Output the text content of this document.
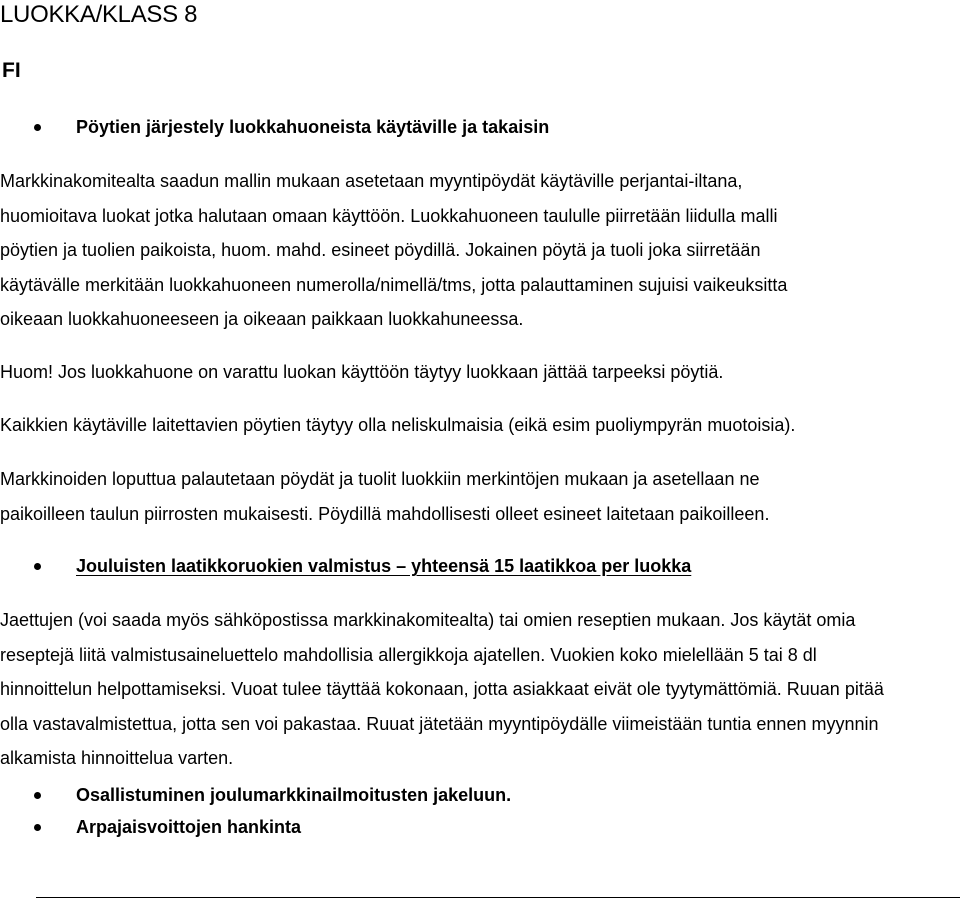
LUOKKA/KLASS 8
FI
Pöytien järjestely luokkahuoneista käytäville ja takaisin
Markkinakomitealta saadun mallin mukaan asetetaan myyntipöydät käytäville perjantai-iltana,
huomioitava luokat jotka halutaan omaan käyttöön. Luokkahuoneen taululle piirretään liidulla malli
pöytien ja tuolien paikoista, huom. mahd. esineet pöydillä. Jokainen pöytä ja tuoli joka siirretään
käytävälle merkitään luokkahuoneen numerolla/nimellä/tms, jotta palauttaminen sujuisi vaikeuksitta
oikeaan luokkahuoneeseen ja oikeaan paikkaan luokkahuneessa.
Huom! Jos luokkahuone on varattu luokan käyttöön täytyy luokkaan jättää tarpeeksi pöytiä.
Kaikkien käytäville laitettavien pöytien täytyy olla neliskulmaisia (eikä esim puoliympyrän muotoisia).
Markkinoiden loputtua palautetaan pöydät ja tuolit luokkiin merkintöjen mukaan ja asetellaan ne
paikoilleen taulun piirrosten mukaisesti. Pöydillä mahdollisesti olleet esineet laitetaan paikoilleen.
Jouluisten laatikkoruokien valmistus – yhteensä 15 laatikkoa per luokka
Jaettujen (voi saada myös sähköpostissa markkinakomitealta) tai omien reseptien mukaan. Jos käytät omia
reseptejä liitä valmistusaineluettelo mahdollisia allergikkoja ajatellen. Vuokien koko mielellään 5 tai 8 dl
hinnoittelun helpottamiseksi. Vuoat tulee täyttää kokonaan, jotta asiakkaat eivät ole tyytymättömiä. Ruuan pitää
olla vastavalmistettua, jotta sen voi pakastaa. Ruuat jätetään myyntipöydälle viimeistään tuntia ennen myynnin
alkamista hinnoittelua varten.
Osallistuminen joulumarkkinailmoitusten jakeluun.
Arpajaisvoittojen hankinta
